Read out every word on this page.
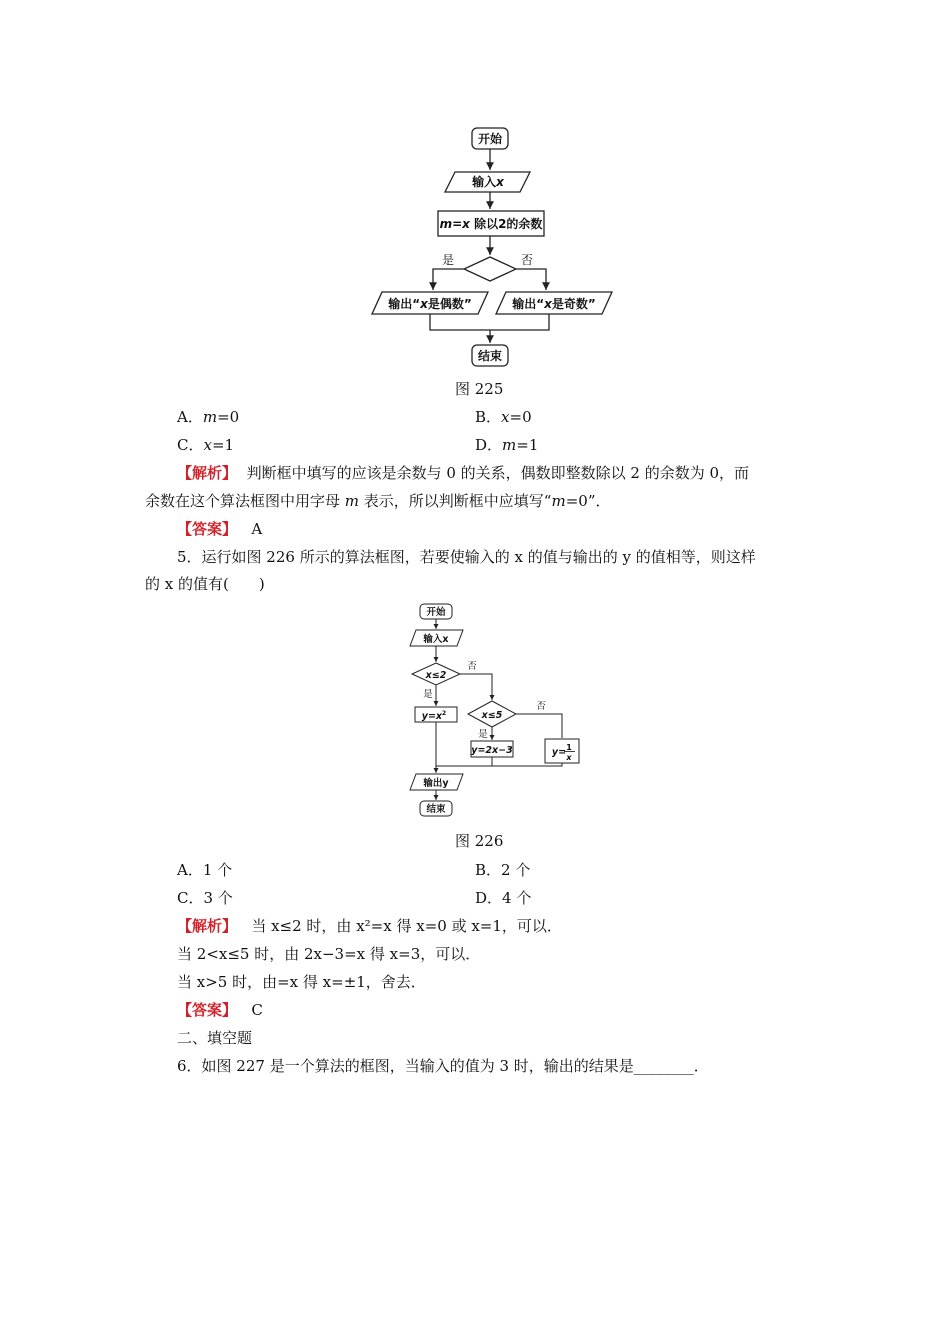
开始
输入x
m=x 除以2的余数
是	否
输出“x是偶数”	输出“x是奇数”
结束
图 225
A．m=0	B．x=0
C．x=1	D．m=1
【解析】 判断框中填写的应该是余数与 0 的关系，偶数即整数除以 2 的余数为 0，而
余数在这个算法框图中用字母 m 表示，所以判断框中应填写“m=0”．
【答案】 A
5．运行如图 226 所示的算法框图，若要使输入的 x 的值与输出的 y 的值相等，则这样
的 x 的值有(　　)
开始
输入x
x≤2
否
是
$y=x^2$	x≤5
否
是
y=2x−3	y= 1
x
输出y
结束
图 226
A．1 个	B．2 个
C．3 个	D．4 个
【解析】 当 x≤2 时，由 x²=x 得 x=0 或 x=1，可以．
当 2<x≤5 时，由 2x−3=x 得 x=3，可以．
当 x>5 时，由=x 得 x=±1，舍去．
【答案】 C
二、填空题
6．如图 227 是一个算法的框图，当输入的值为 3 时，输出的结果是________．
